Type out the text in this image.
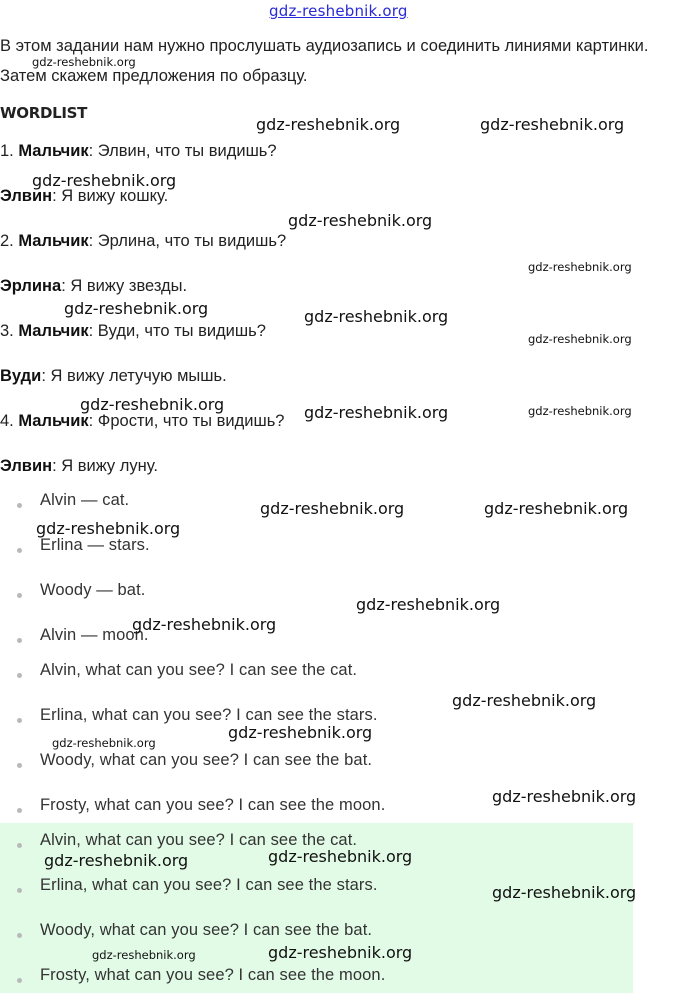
gdz-reshebnik.org
В этом задании нам нужно прослушать аудиозапись и соединить линиями картинки. Затем скажем предложения по образцу.
WORDLIST
1. Мальчик: Элвин, что ты видишь?
Элвин: Я вижу кошку.
2. Мальчик: Эрлина, что ты видишь?
Эрлина: Я вижу звезды.
3. Мальчик: Вуди, что ты видишь?
Вуди: Я вижу летучую мышь.
4. Мальчик: Фрости, что ты видишь?
Элвин: Я вижу луну.
Alvin — cat.
Erlina — stars.
Woody — bat.
Alvin — moon.
Alvin, what can you see? I can see the cat.
Erlina, what can you see? I can see the stars.
Woody, what can you see? I can see the bat.
Frosty, what can you see? I can see the moon.
Alvin, what can you see? I can see the cat.
Erlina, what can you see? I can see the stars.
Woody, what can you see? I can see the bat.
Frosty, what can you see? I can see the moon.
gdz-reshebnik.org
gdz-reshebnik.org	gdz-reshebnik.org
gdz-reshebnik.org
gdz-reshebnik.org
gdz-reshebnik.org
gdz-reshebnik.org	gdz-reshebnik.org
gdz-reshebnik.org
gdz-reshebnik.org	gdz-reshebnik.org	gdz-reshebnik.org
gdz-reshebnik.org	gdz-reshebnik.org
gdz-reshebnik.org
gdz-reshebnik.org
gdz-reshebnik.org
gdz-reshebnik.org
gdz-reshebnik.org
gdz-reshebnik.org
gdz-reshebnik.org
gdz-reshebnik.org	gdz-reshebnik.org
gdz-reshebnik.org
gdz-reshebnik.org	gdz-reshebnik.org
